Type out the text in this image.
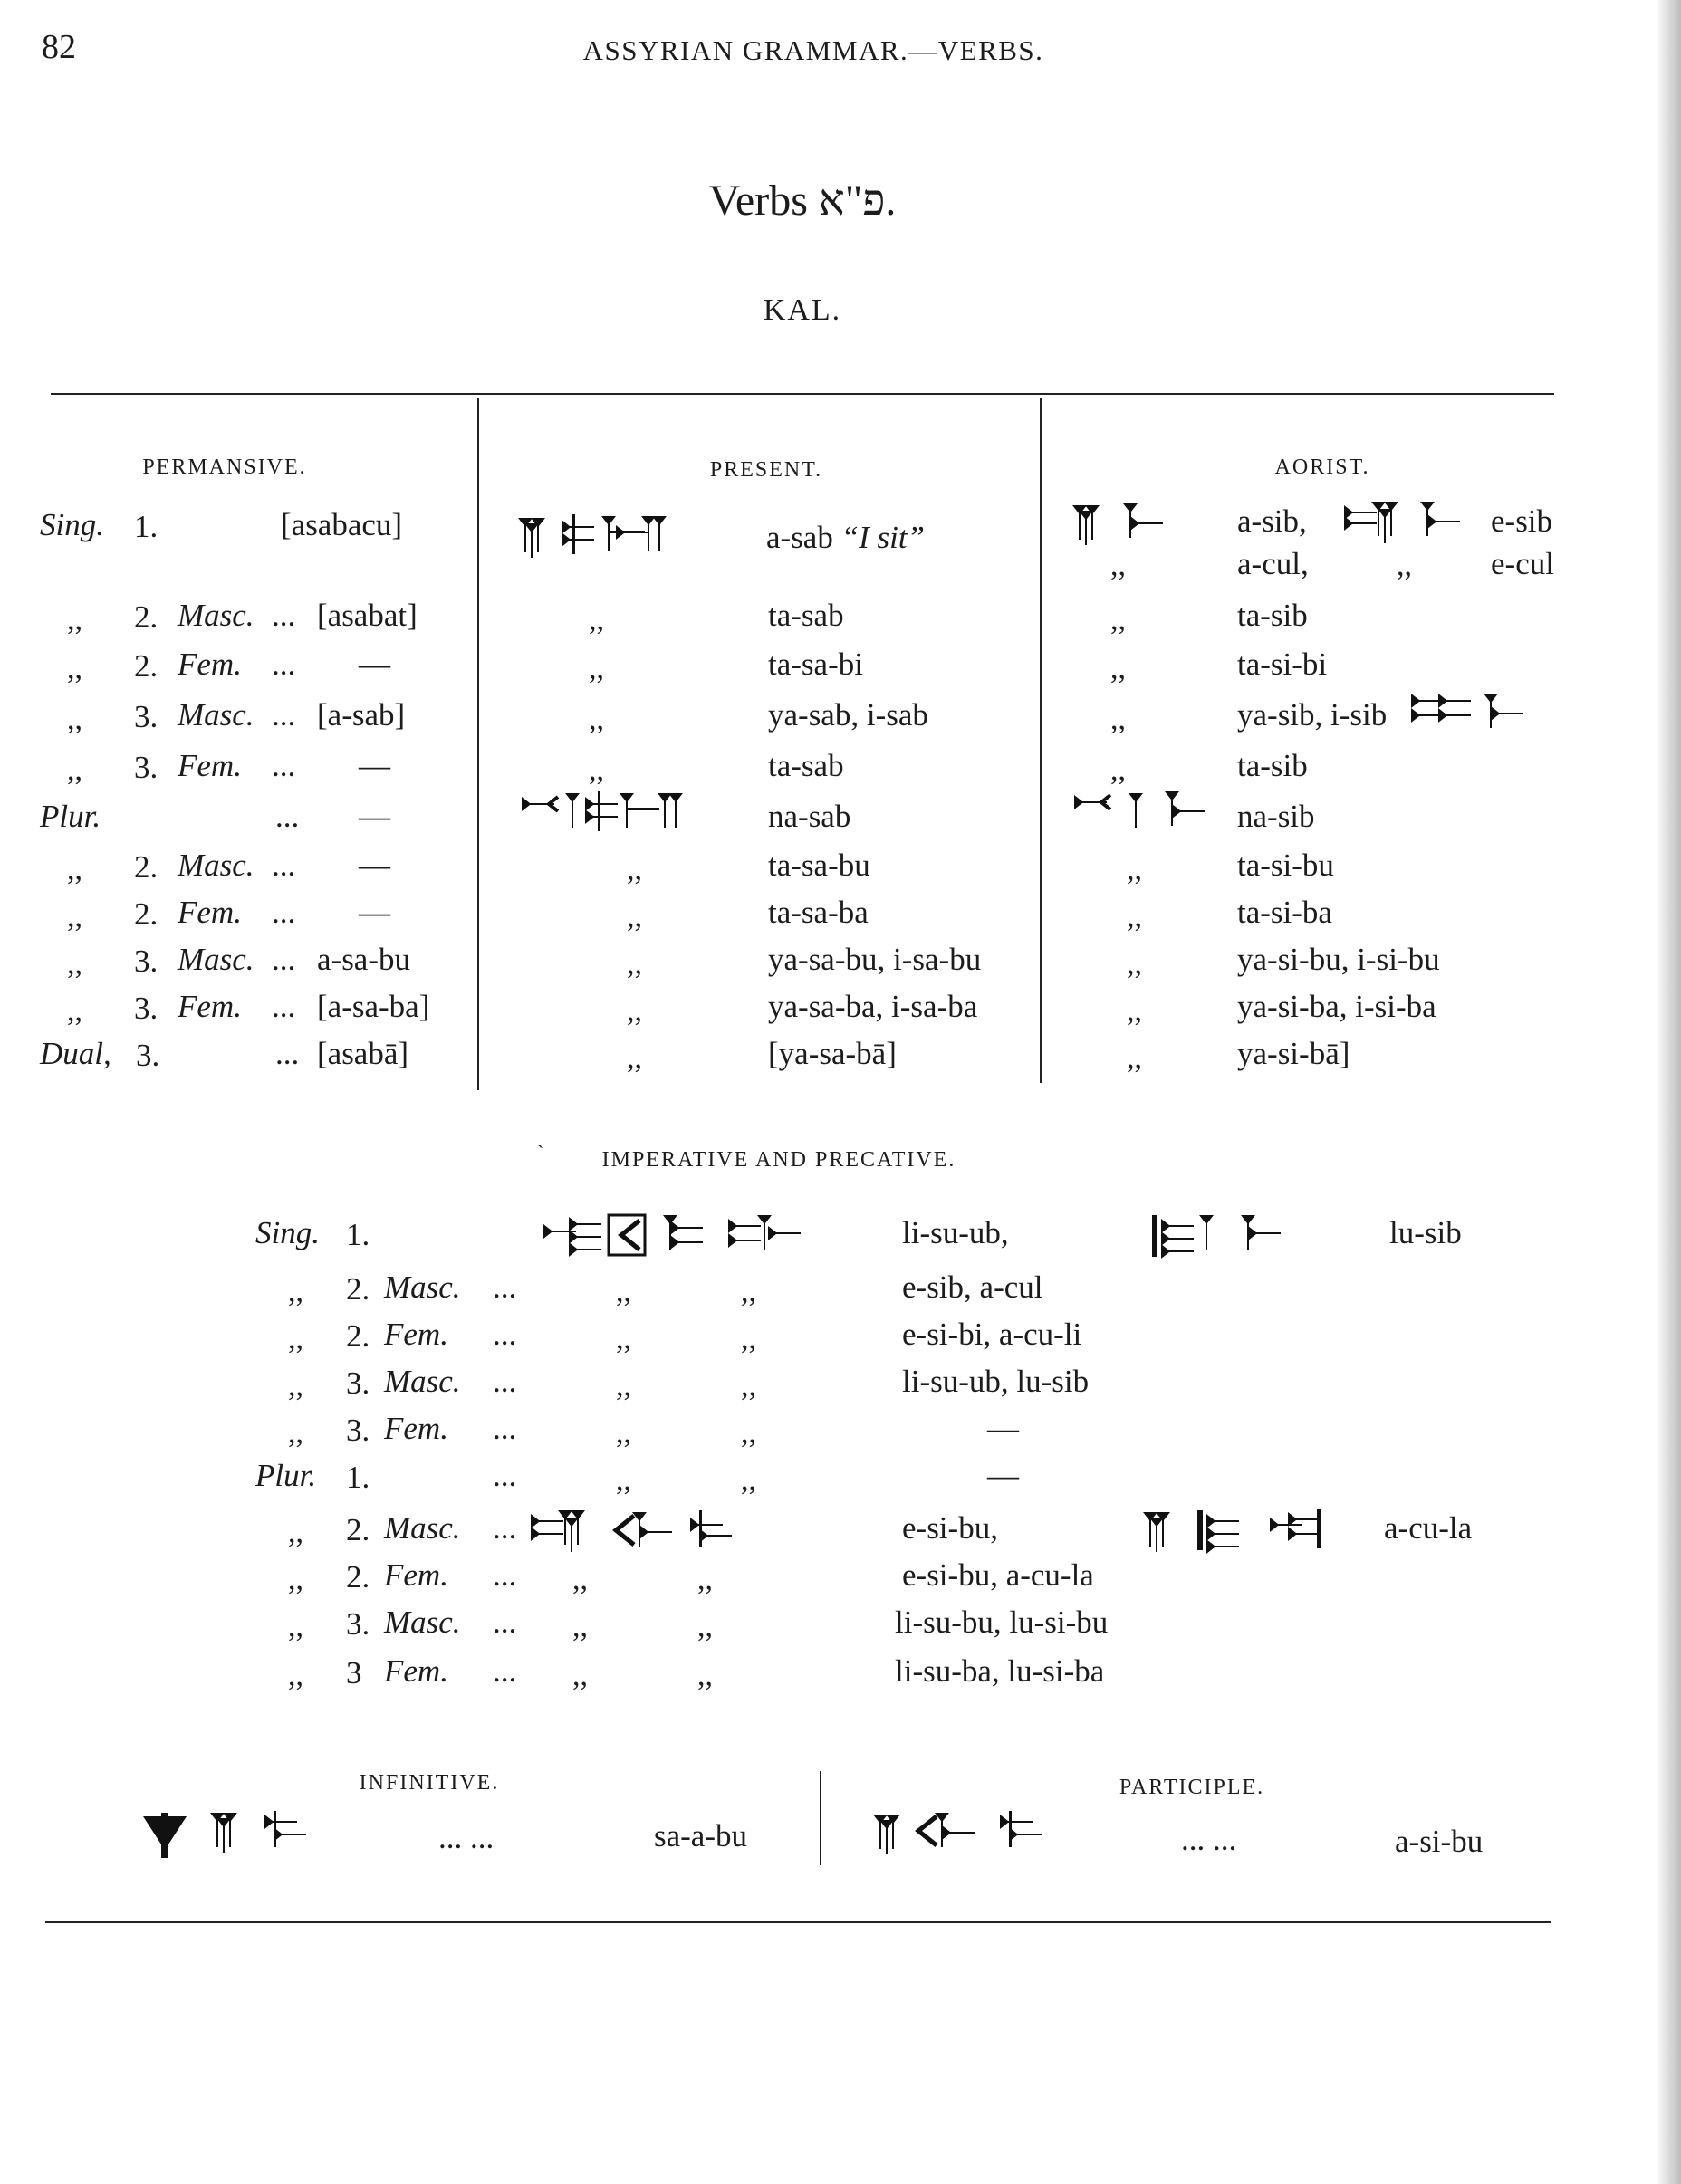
82	ASSYRIAN GRAMMAR.—VERBS.
Verbs פ"א.
KAL.
PERMANSIVE.	PRESENT.	AORIST.
Sing. 1.	[asabacu]	a-sab “I sit”	a-sib,	e-sib
,,	a-cul,	,, e-cul
,, 2. Masc. ... [asabat]	,,	ta-sab	,,	ta-sib
,, 2. Fem. ... —	,,	ta-sa-bi	,,	ta-si-bi
,, 3. Masc. ... [a-sab]	,,	ya-sab, i-sab	,,	ya-sib, i-sib
,, 3. Fem. ... —	,,	ta-sab	,,	ta-sib
Plur.	... —	na-sab	na-sib
,, 2. Masc. ... —	,,	ta-sa-bu	,,	ta-si-bu
,, 2. Fem. ... —	,,	ta-sa-ba	,,	ta-si-ba
,, 3. Masc. ... a-sa-bu	,,	ya-sa-bu, i-sa-bu	,,	ya-si-bu, i-si-bu
,, 3. Fem. ... [a-sa-ba]	,,	ya-sa-ba, i-sa-ba	,,	ya-si-ba, i-si-ba
Dual, 3.	... [asabā]	,,	[ya-sa-bā]	,,	ya-si-bā]
`	IMPERATIVE AND PRECATIVE.
INFINITIVE.	PARTICIPLE.
... ...	sa-a-bu	... ...	a-si-bu
Sing. 1.	li-su-ub,	lu-sib
,, 2. Masc. ...	,,	,,	e-sib, a-cul
,, 2. Fem. ...	,,	,,	e-si-bi, a-cu-li
,, 3. Masc. ...	,,	,,	li-su-ub, lu-sib
,, 3. Fem. ...	,,	,,	—
Plur. 1.	...	,,	,,	—
,, 2. Masc. ...	e-si-bu,	a-cu-la
,, 2. Fem. ... ,,	,,	e-si-bu, a-cu-la
,, 3. Masc. ... ,,	,,	li-su-bu, lu-si-bu
,, 3 Fem. ... ,,	,,	li-su-ba, lu-si-ba
